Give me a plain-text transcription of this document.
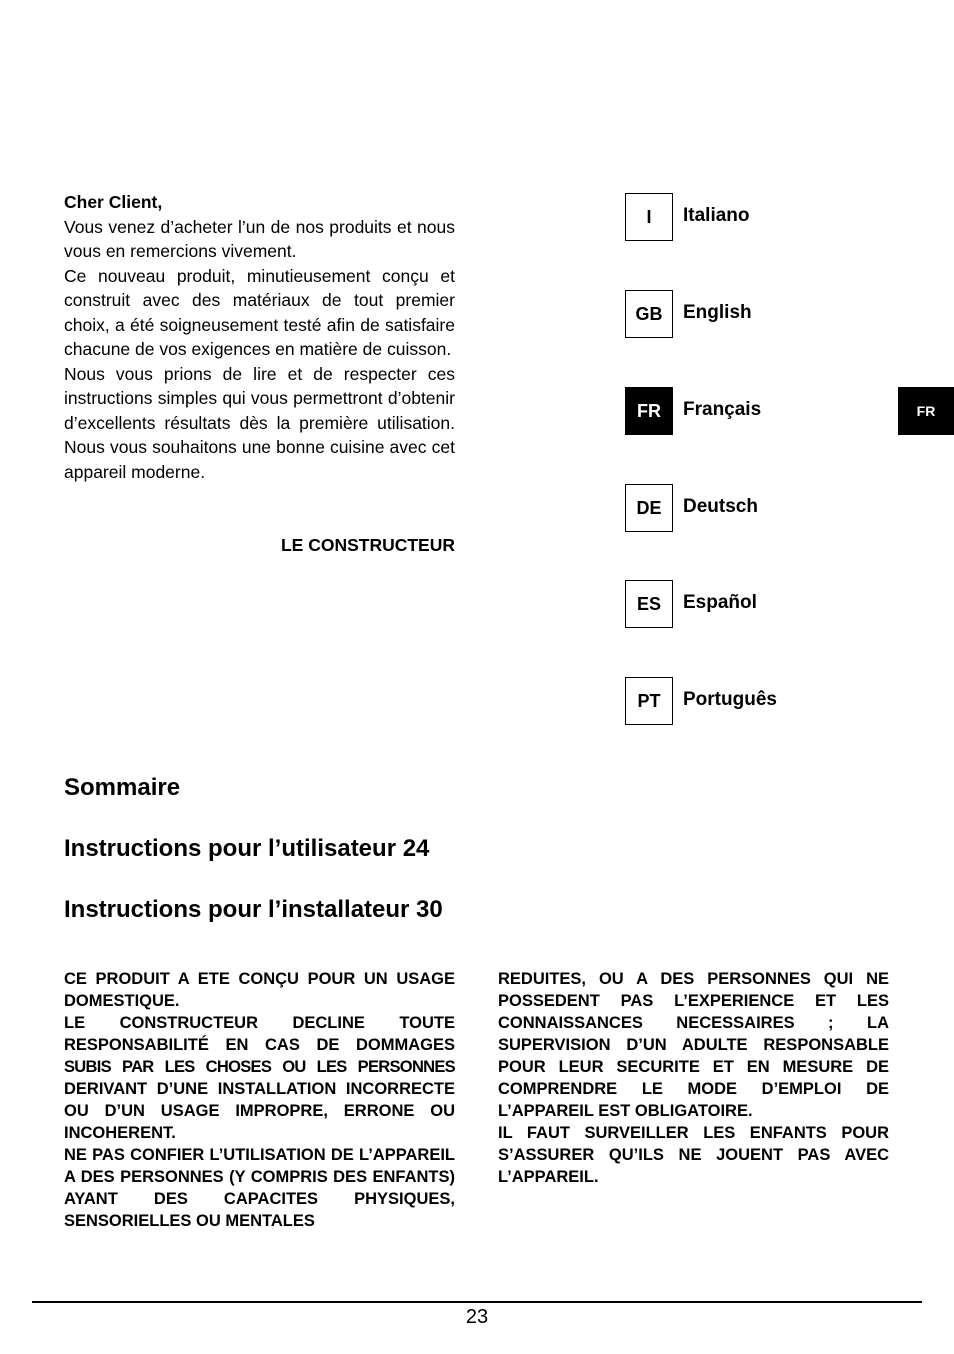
Cher Client,

Vous venez d’acheter l’un de nos produits et nous vous en remercions vivement.

Ce nouveau produit, minutieusement conçu et construit avec des matériaux de tout premier choix, a été soigneusement testé afin de satisfaire chacune de vos exigences en matière de cuisson.

Nous vous prions de lire et de respecter ces instructions simples qui vous permettront d’obtenir d’excellents résultats dès la première utilisation. Nous vous souhaitons une bonne cuisine avec cet appareil moderne.

LE CONSTRUCTEUR
I	Italiano
GB	English
FR	Français
DE	Deutsch
ES	Español
PT	Português
FR
Sommaire
Instructions pour l’utilisateur 24
Instructions pour l’installateur 30

CE PRODUIT A ETE CONÇU POUR UN USAGE DOMESTIQUE.

LE CONSTRUCTEUR DECLINE TOUTE RESPONSABILITÉ EN CAS DE DOMMAGES SUBIS PAR LES CHOSES OU LES PERSONNES DERIVANT D’UNE INSTALLATION INCORRECTE OU D’UN USAGE IMPROPRE, ERRONE OU INCOHERENT.

NE PAS CONFIER L’UTILISATION DE L’APPAREIL A DES PERSONNES (Y COMPRIS DES ENFANTS) AYANT DES CAPACITES PHYSIQUES, SENSORIELLES OU MENTALES

REDUITES, OU A DES PERSONNES QUI NE POSSEDENT PAS L’EXPERIENCE ET LES CONNAISSANCES NECESSAIRES ; LA SUPERVISION D’UN ADULTE RESPONSABLE POUR LEUR SECURITE ET EN MESURE DE COMPRENDRE LE MODE D’EMPLOI DE L’APPAREIL EST OBLIGATOIRE.

IL FAUT SURVEILLER LES ENFANTS POUR S’ASSURER QU’ILS NE JOUENT PAS AVEC L’APPAREIL.

23
